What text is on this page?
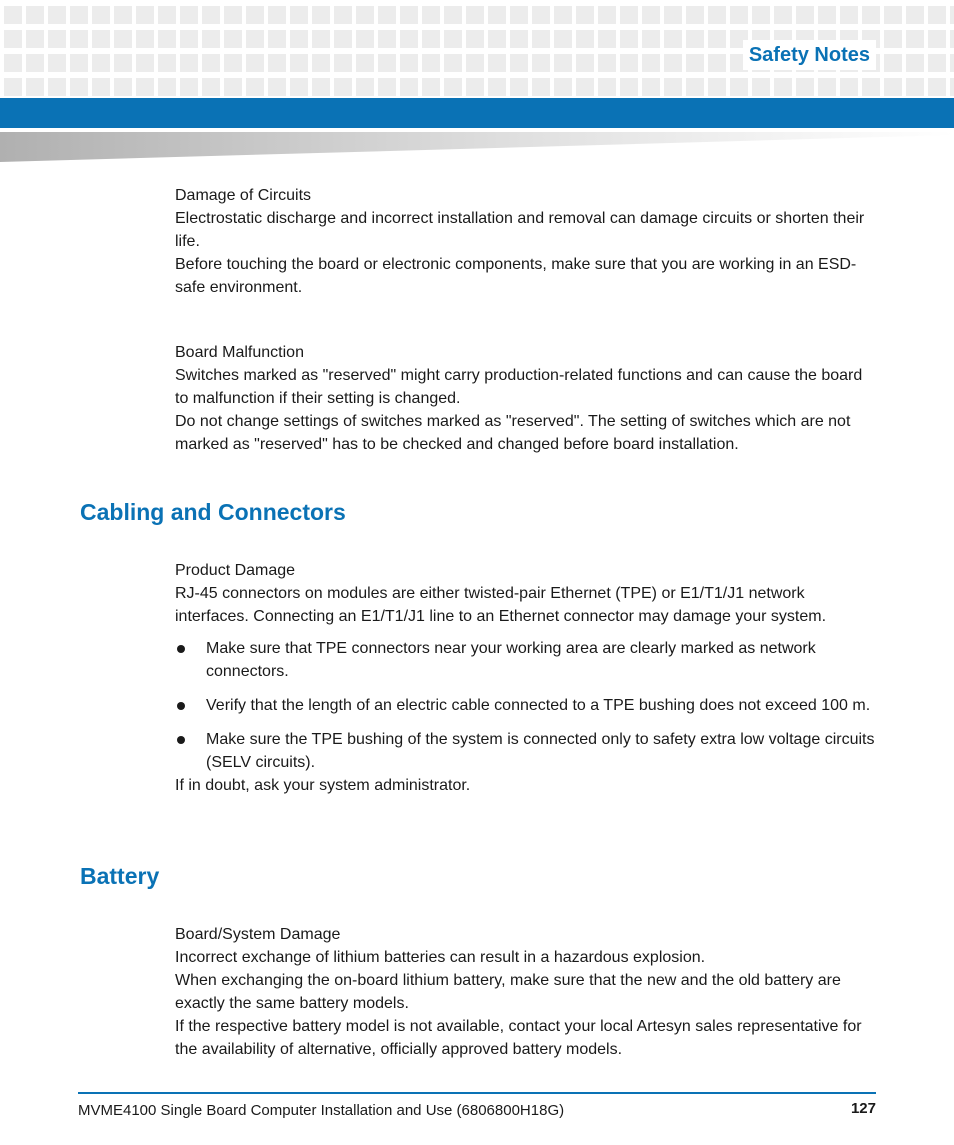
Safety Notes

Damage of Circuits

Electrostatic discharge and incorrect installation and removal can damage circuits or shorten their life.

Before touching the board or electronic components, make sure that you are working in an ESD-safe environment.

Board Malfunction

Switches marked as "reserved" might carry production-related functions and can cause the board to malfunction if their setting is changed.

Do not change settings of switches marked as "reserved". The setting of switches which are not marked as "reserved" has to be checked and changed before board installation.

Cabling and Connectors

Product Damage

RJ-45 connectors on modules are either twisted-pair Ethernet (TPE) or E1/T1/J1 network interfaces. Connecting an E1/T1/J1 line to an Ethernet connector may damage your system.

Make sure that TPE connectors near your working area are clearly marked as network connectors.
Verify that the length of an electric cable connected to a TPE bushing does not exceed 100 m.
Make sure the TPE bushing of the system is connected only to safety extra low voltage circuits (SELV circuits).

If in doubt, ask your system administrator.

Battery

Board/System Damage

Incorrect exchange of lithium batteries can result in a hazardous explosion.

When exchanging the on-board lithium battery, make sure that the new and the old battery are exactly the same battery models.

If the respective battery model is not available, contact your local Artesyn sales representative for the availability of alternative, officially approved battery models.

MVME4100 Single Board Computer Installation and Use (6806800H18G)	127
